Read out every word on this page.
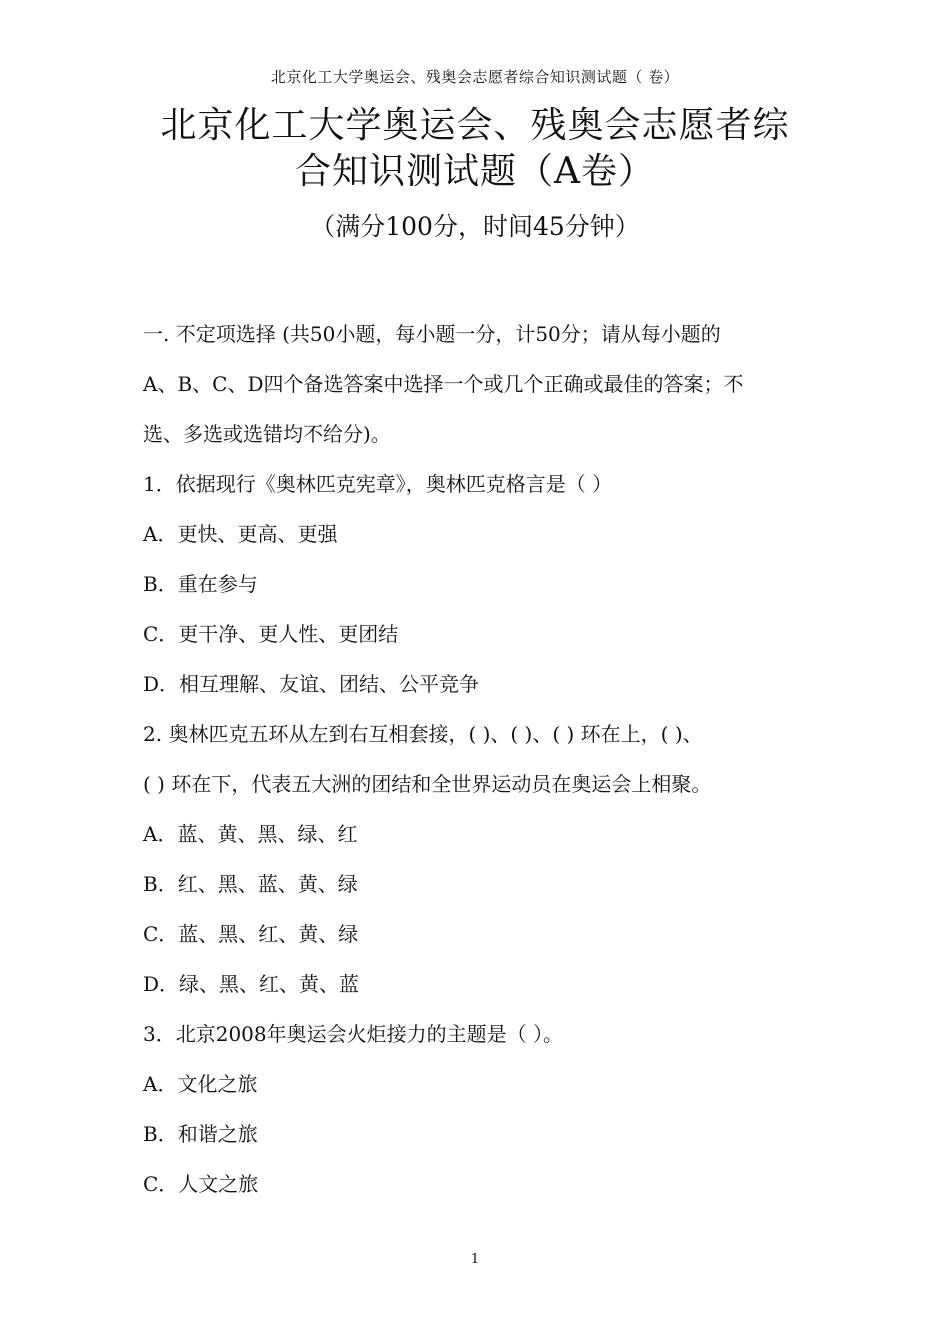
北京化工大学奥运会、残奥会志愿者综合知识测试题（ 卷）
北京化工大学奥运会、残奥会志愿者综
合知识测试题（A卷）
（满分100分，时间45分钟）
一. 不定项选择 (共50小题，每小题一分，计50分；请从每小题的
A、B、C、D四个备选答案中选择一个或几个正确或最佳的答案；不
选、多选或选错均不给分)。
1．依据现行《奥林匹克宪章》，奥林匹克格言是（ ）
A．更快、更高、更强
B．重在参与
C．更干净、更人性、更团结
D．相互理解、友谊、团结、公平竞争
2. 奥林匹克五环从左到右互相套接，( )、( )、( ) 环在上，( )、
( ) 环在下，代表五大洲的团结和全世界运动员在奥运会上相聚。
A．蓝、黄、黑、绿、红
B．红、黑、蓝、黄、绿
C．蓝、黑、红、黄、绿
D．绿、黑、红、黄、蓝
3．北京2008年奥运会火炬接力的主题是（ ）。
A．文化之旅
B．和谐之旅
C．人文之旅
1
